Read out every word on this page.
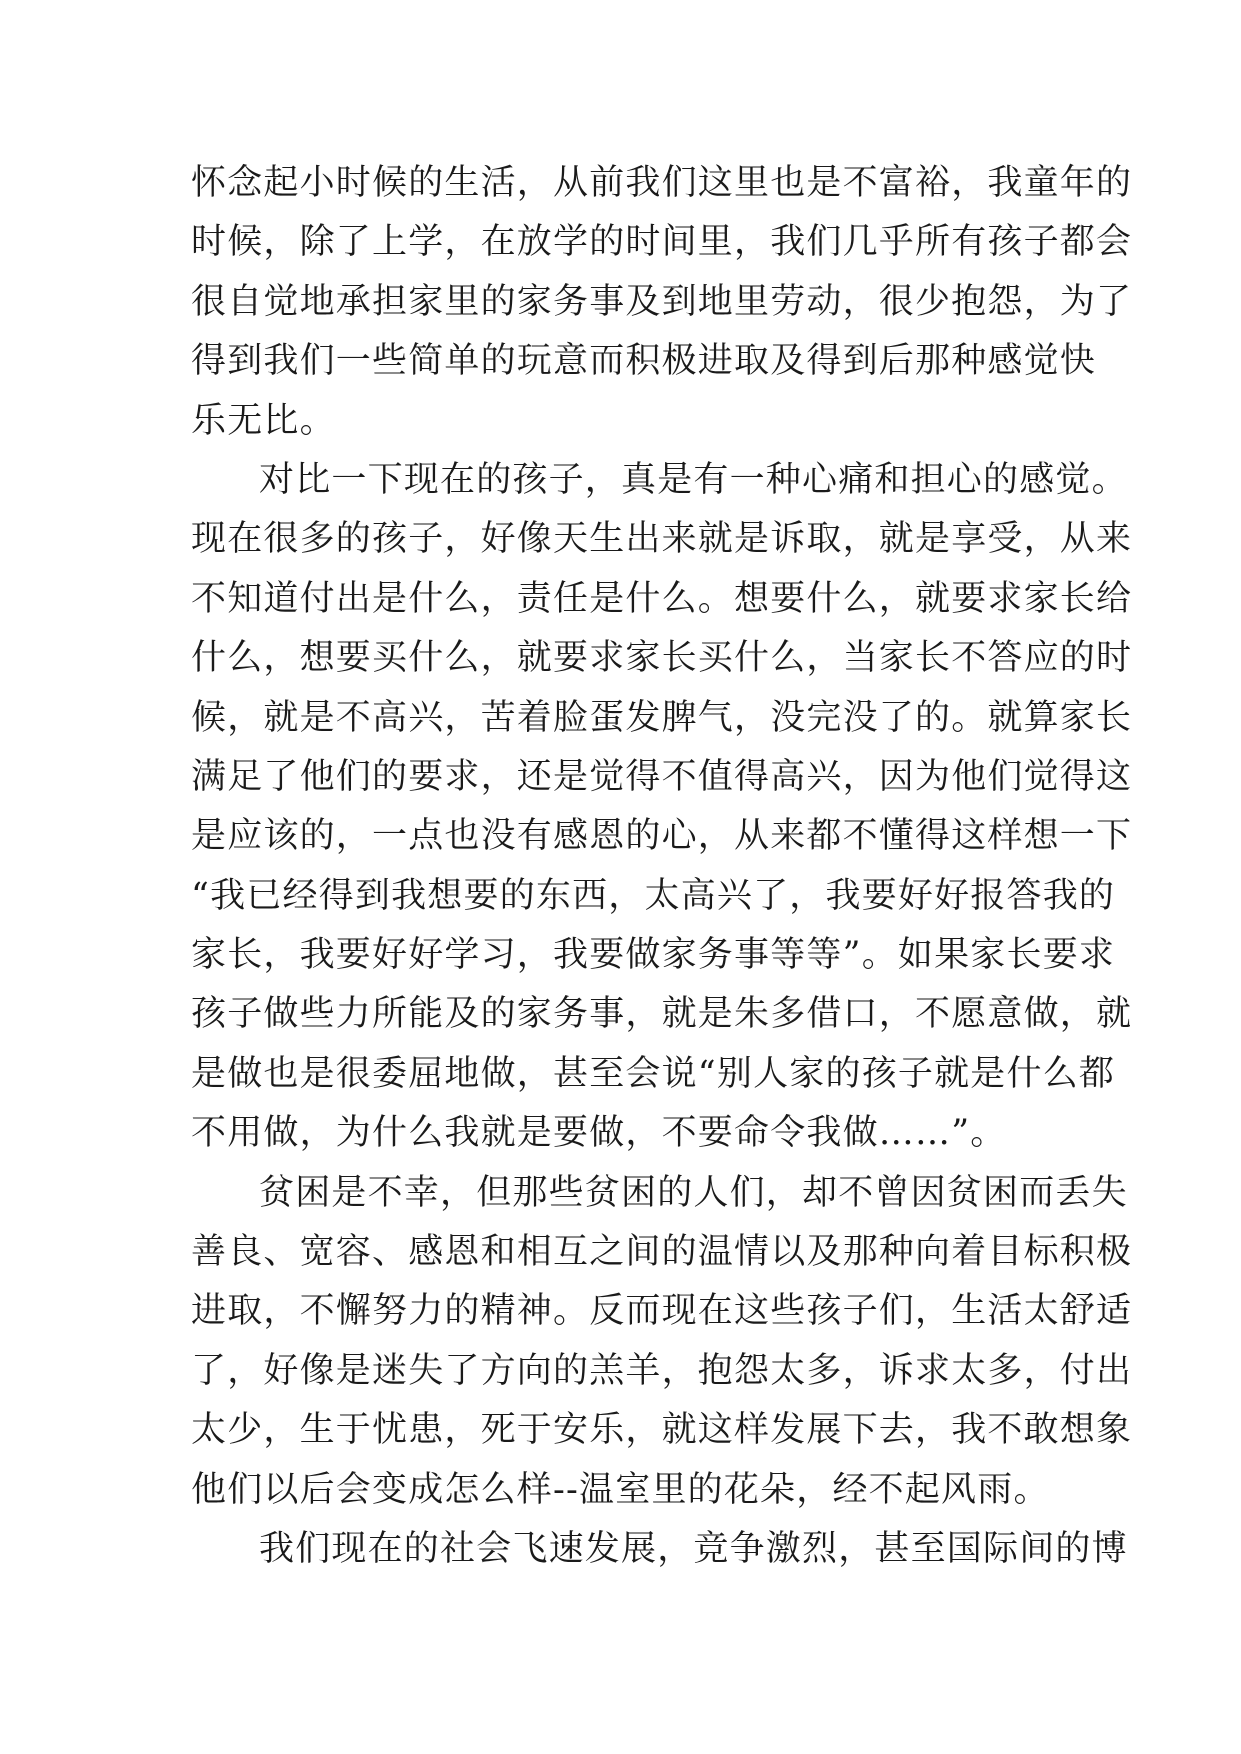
怀念起小时候的生活，从前我们这里也是不富裕，我童年的
时候，除了上学，在放学的时间里，我们几乎所有孩子都会
很自觉地承担家里的家务事及到地里劳动，很少抱怨，为了
得到我们一些简单的玩意而积极进取及得到后那种感觉快
乐无比。
对比一下现在的孩子，真是有一种心痛和担心的感觉。
现在很多的孩子，好像天生出来就是诉取，就是享受，从来
不知道付出是什么，责任是什么。想要什么，就要求家长给
什么，想要买什么，就要求家长买什么，当家长不答应的时
候，就是不高兴，苦着脸蛋发脾气，没完没了的。就算家长
满足了他们的要求，还是觉得不值得高兴，因为他们觉得这
是应该的，一点也没有感恩的心，从来都不懂得这样想一下
“我已经得到我想要的东西，太高兴了，我要好好报答我的
家长，我要好好学习，我要做家务事等等”。如果家长要求
孩子做些力所能及的家务事，就是朱多借口，不愿意做，就
是做也是很委屈地做，甚至会说“别人家的孩子就是什么都
不用做，为什么我就是要做，不要命令我做……”。
贫困是不幸，但那些贫困的人们，却不曾因贫困而丢失
善良、宽容、感恩和相互之间的温情以及那种向着目标积极
进取，不懈努力的精神。反而现在这些孩子们，生活太舒适
了，好像是迷失了方向的羔羊，抱怨太多，诉求太多，付出
太少，生于忧患，死于安乐，就这样发展下去，我不敢想象
他们以后会变成怎么样--温室里的花朵，经不起风雨。
我们现在的社会飞速发展，竞争激烈，甚至国际间的博
